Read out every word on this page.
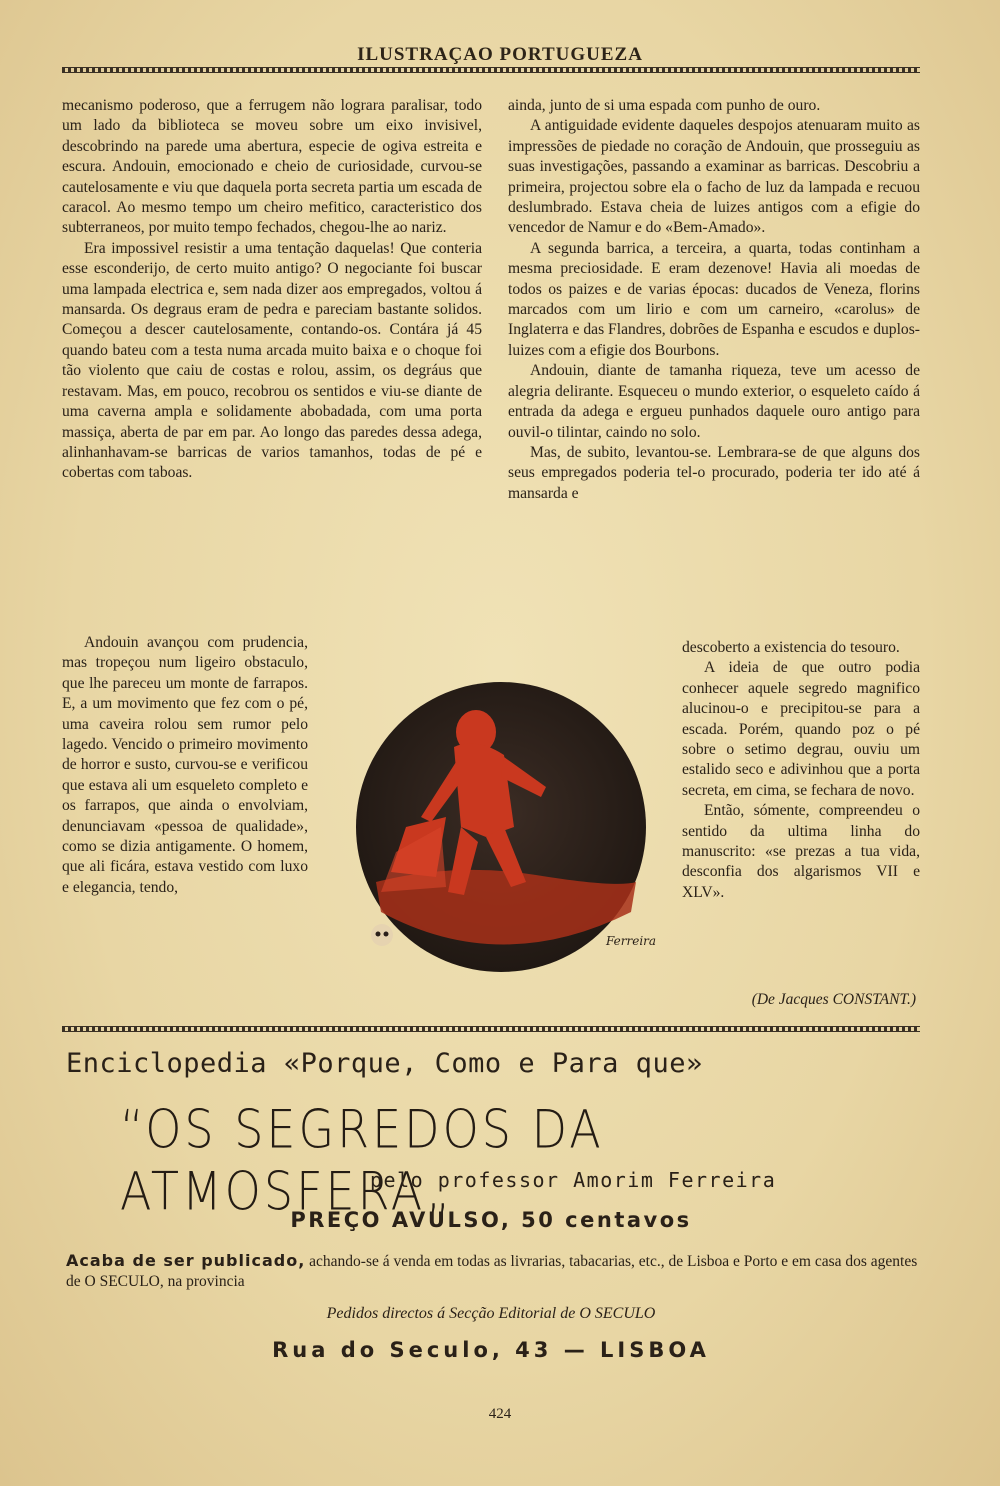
ILUSTRAÇAO PORTUGUEZA

mecanismo poderoso, que a ferrugem não lograra paralisar, todo um lado da biblioteca se moveu sobre um eixo invisivel, descobrindo na parede uma abertura, especie de ogiva estreita e escura. Andouin, emocionado e cheio de curiosidade, curvou-se cautelosamente e viu que daquela porta secreta partia um escada de caracol. Ao mesmo tempo um cheiro mefitico, caracteristico dos subterraneos, por muito tempo fechados, chegou-lhe ao nariz.

Era impossivel resistir a uma tentação daquelas! Que conteria esse esconderijo, de certo muito antigo? O negociante foi buscar uma lampada electrica e, sem nada dizer aos empregados, voltou á mansarda. Os degraus eram de pedra e pareciam bastante solidos. Começou a descer cautelosamente, contando-os. Contára já 45 quando bateu com a testa numa arcada muito baixa e o choque foi tão violento que caiu de costas e rolou, assim, os degráus que restavam. Mas, em pouco, recobrou os sentidos e viu-se diante de uma caverna ampla e solidamente abobadada, com uma porta massiça, aberta de par em par. Ao longo das paredes dessa adega, alinhanhavam-se barricas de varios tamanhos, todas de pé e cobertas com taboas.

Andouin avançou com prudencia, mas tropeçou num ligeiro obstaculo, que lhe pareceu um monte de farrapos. E, a um movimento que fez com o pé, uma caveira rolou sem rumor pelo lagedo. Vencido o primeiro movimento de horror e susto, curvou-se e verificou que estava ali um esqueleto completo e os farrapos, que ainda o envolviam, denunciavam «pessoa de qualidade», como se dizia antigamente. O homem, que ali ficára, estava vestido com luxo e elegancia, tendo,

ainda, junto de si uma espada com punho de ouro.

A antiguidade evidente daqueles despojos atenuaram muito as impressões de piedade no coração de Andouin, que prosseguiu as suas investigações, passando a examinar as barricas. Descobriu a primeira, projectou sobre ela o facho de luz da lampada e recuou deslumbrado. Estava cheia de luizes antigos com a efigie do vencedor de Namur e do «Bem-Amado».

A segunda barrica, a terceira, a quarta, todas continham a mesma preciosidade. E eram dezenove! Havia ali moedas de todos os paizes e de varias épocas: ducados de Veneza, florins marcados com um lirio e com um carneiro, «carolus» de Inglaterra e das Flandres, dobrões de Espanha e escudos e duplos-luizes com a efigie dos Bourbons.

Andouin, diante de tamanha riqueza, teve um acesso de alegria delirante. Esqueceu o mundo exterior, o esqueleto caído á entrada da adega e ergueu punhados daquele ouro antigo para ouvil-o tilintar, caindo no solo.

Mas, de subito, levantou-se. Lembrara-se de que alguns dos seus empregados poderia tel-o procurado, poderia ter ido até á mansarda e

descoberto a existencia do tesouro.

A ideia de que outro podia conhecer aquele segredo magnifico alucinou-o e precipitou-se para a escada. Porém, quando poz o pé sobre o setimo degrau, ouviu um estalido seco e adivinhou que a porta secreta, em cima, se fechara de novo.

Então, sómente, compreendeu o sentido da ultima linha do manuscrito: «se prezas a tua vida, desconfia dos algarismos VII e XLV».

Ferreira
(De Jacques CONSTANT.)
Enciclopedia «Porque, Como e Para que»
“OS SEGREDOS DA ATMOSFERA„
pelo professor Amorim Ferreira
PREÇO AVULSO, 50 centavos
Acaba de ser publicado, achando-se á venda em todas as livrarias, tabacarias, etc., de Lisboa e Porto e em casa dos agentes de O SECULO, na provincia
Pedidos directos á Secção Editorial de O SECULO
Rua do Seculo, 43 — LISBOA
424
